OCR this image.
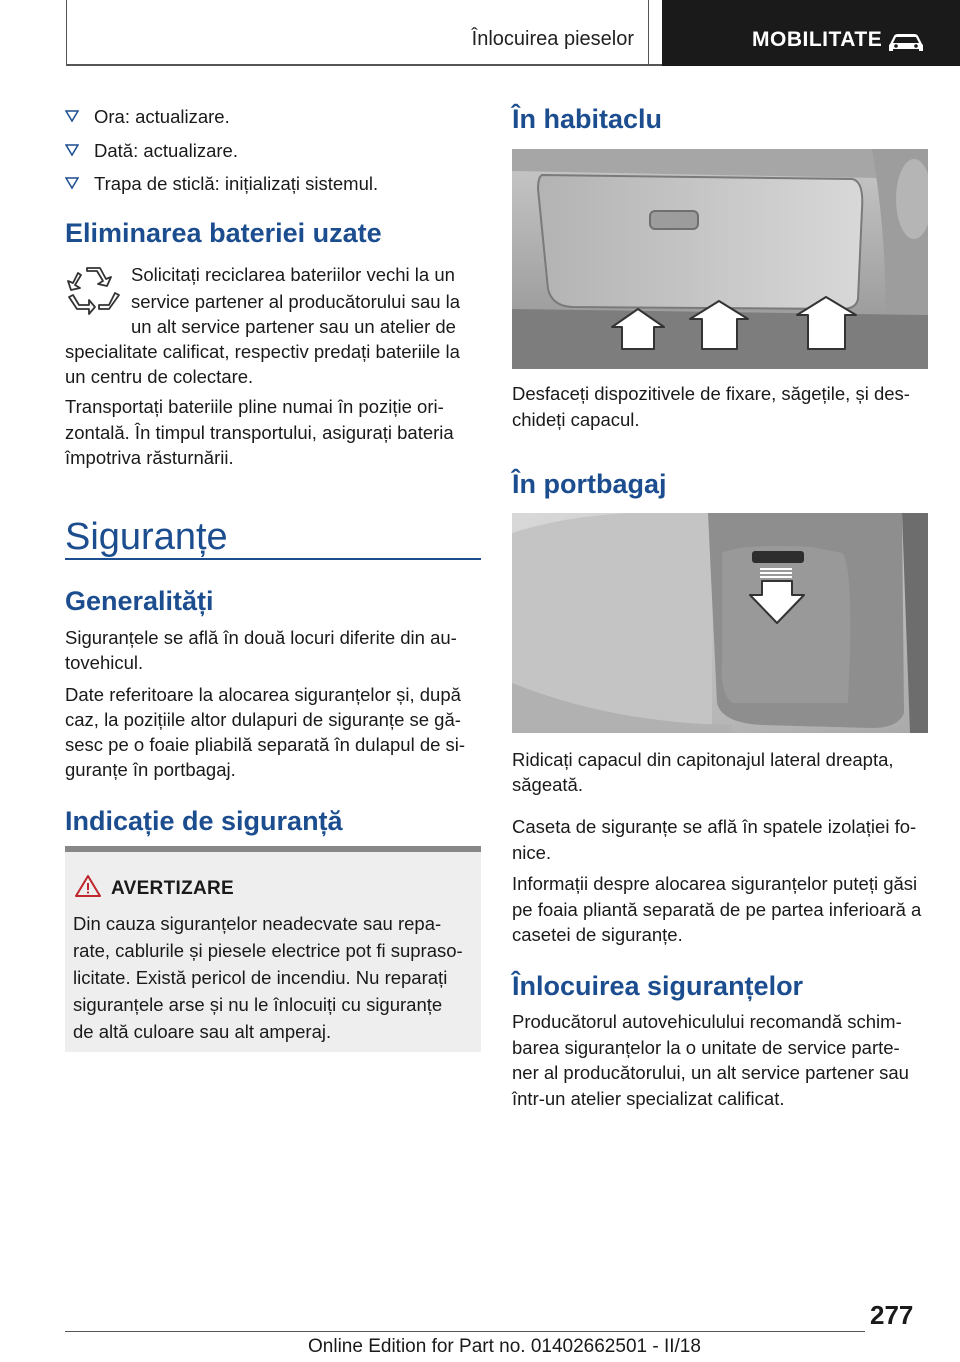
Înlocuirea pieselor	MOBILITATE
Ora: actualizare.
Dată: actualizare.
Trapa de sticlă: inițializați sistemul.
Eliminarea bateriei uzate
Solicitați reciclarea bateriilor vechi la un
service partener al producătorului sau la
un alt service partener sau un atelier de
specialitate calificat, respectiv predați bateriile la
un centru de colectare.
Transportați bateriile pline numai în poziție ori-
zontală. În timpul transportului, asigurați bateria
împotriva răsturnării.
Siguranțe
Generalități
Siguranțele se află în două locuri diferite din au-
tovehicul.
Date referitoare la alocarea siguranțelor și, după
caz, la pozițiile altor dulapuri de siguranțe se gă-
sesc pe o foaie pliabilă separată în dulapul de si-
guranțe în portbagaj.
Indicație de siguranță
AVERTIZARE
Din cauza siguranțelor neadecvate sau repa-
rate, cablurile și piesele electrice pot fi supraso-
licitate. Există pericol de incendiu. Nu reparați
siguranțele arse și nu le înlocuiți cu siguranțe
de altă culoare sau alt amperaj.
În habitaclu
Desfaceți dispozitivele de fixare, săgețile, și des-
chideți capacul.
În portbagaj
Ridicați capacul din capitonajul lateral dreapta,
săgeată.
Caseta de siguranțe se află în spatele izolației fo-
nice.
Informații despre alocarea siguranțelor puteți găsi
pe foaia pliantă separată de pe partea inferioară a
casetei de siguranțe.
Înlocuirea siguranțelor
Producătorul autovehiculului recomandă schim-
barea siguranțelor la o unitate de service parte-
ner al producătorului, un alt service partener sau
într-un atelier specializat calificat.
277
Online Edition for Part no. 01402662501 - II/18
